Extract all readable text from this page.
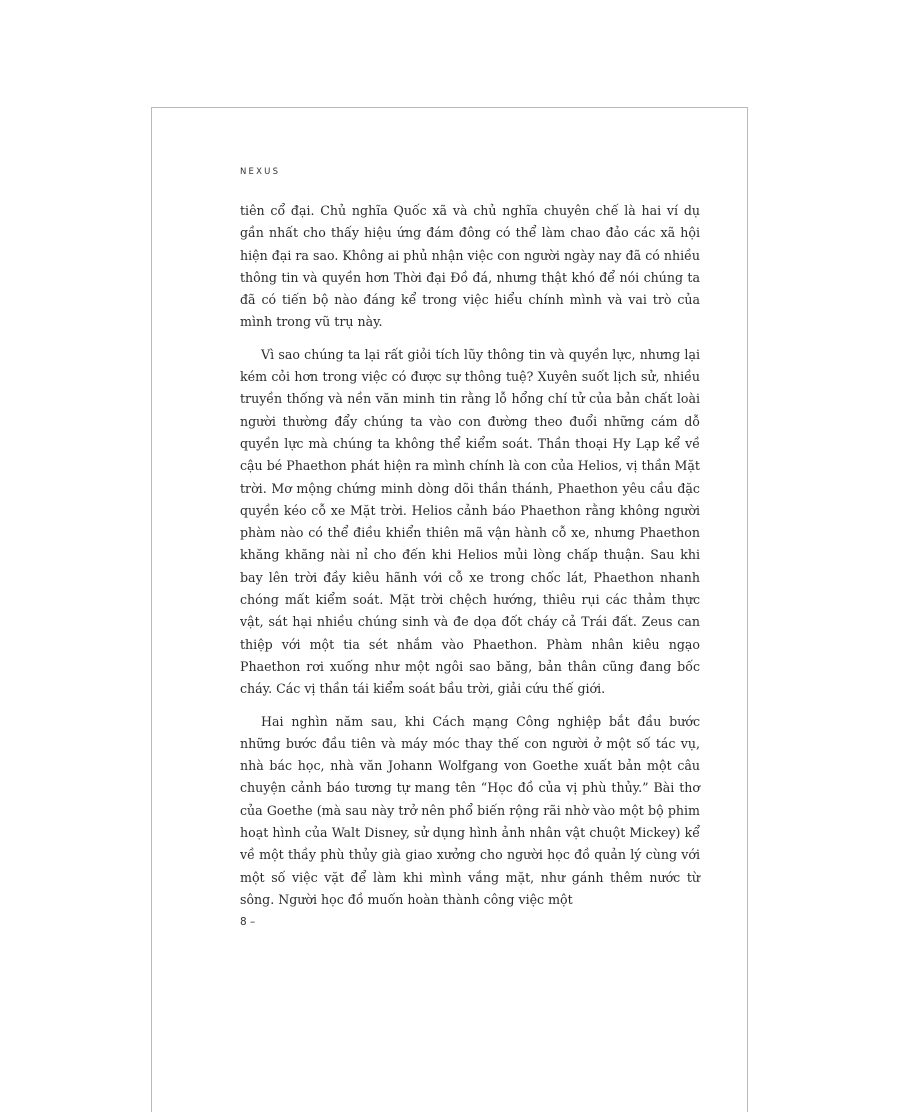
NEXUS

tiên cổ đại. Chủ nghĩa Quốc xã và chủ nghĩa chuyên chế là hai ví dụ gần nhất cho thấy hiệu ứng đám đông có thể làm chao đảo các xã hội hiện đại ra sao. Không ai phủ nhận việc con người ngày nay đã có nhiều thông tin và quyền hơn Thời đại Đồ đá, nhưng thật khó để nói chúng ta đã có tiến bộ nào đáng kể trong việc hiểu chính mình và vai trò của mình trong vũ trụ này.

Vì sao chúng ta lại rất giỏi tích lũy thông tin và quyền lực, nhưng lại kém cỏi hơn trong việc có được sự thông tuệ? Xuyên suốt lịch sử, nhiều truyền thống và nền văn minh tin rằng lỗ hổng chí tử của bản chất loài người thường đẩy chúng ta vào con đường theo đuổi những cám dỗ quyền lực mà chúng ta không thể kiểm soát. Thần thoại Hy Lạp kể về cậu bé Phaethon phát hiện ra mình chính là con của Helios, vị thần Mặt trời. Mơ mộng chứng minh dòng dõi thần thánh, Phaethon yêu cầu đặc quyền kéo cỗ xe Mặt trời. Helios cảnh báo Phaethon rằng không người phàm nào có thể điều khiển thiên mã vận hành cỗ xe, nhưng Phaethon khăng khăng nài nỉ cho đến khi Helios mủi lòng chấp thuận. Sau khi bay lên trời đầy kiêu hãnh với cỗ xe trong chốc lát, Phaethon nhanh chóng mất kiểm soát. Mặt trời chệch hướng, thiêu rụi các thảm thực vật, sát hại nhiều chúng sinh và đe dọa đốt cháy cả Trái đất. Zeus can thiệp với một tia sét nhắm vào Phaethon. Phàm nhân kiêu ngạo Phaethon rơi xuống như một ngôi sao băng, bản thân cũng đang bốc cháy. Các vị thần tái kiểm soát bầu trời, giải cứu thế giới.

Hai nghìn năm sau, khi Cách mạng Công nghiệp bắt đầu bước những bước đầu tiên và máy móc thay thế con người ở một số tác vụ, nhà bác học, nhà văn Johann Wolfgang von Goethe xuất bản một câu chuyện cảnh báo tương tự mang tên “Học đồ của vị phù thủy.” Bài thơ của Goethe (mà sau này trở nên phổ biến rộng rãi nhờ vào một bộ phim hoạt hình của Walt Disney, sử dụng hình ảnh nhân vật chuột Mickey) kể về một thầy phù thủy già giao xưởng cho người học đồ quản lý cùng với một số việc vặt để làm khi mình vắng mặt, như gánh thêm nước từ sông. Người học đồ muốn hoàn thành công việc một

8 –
